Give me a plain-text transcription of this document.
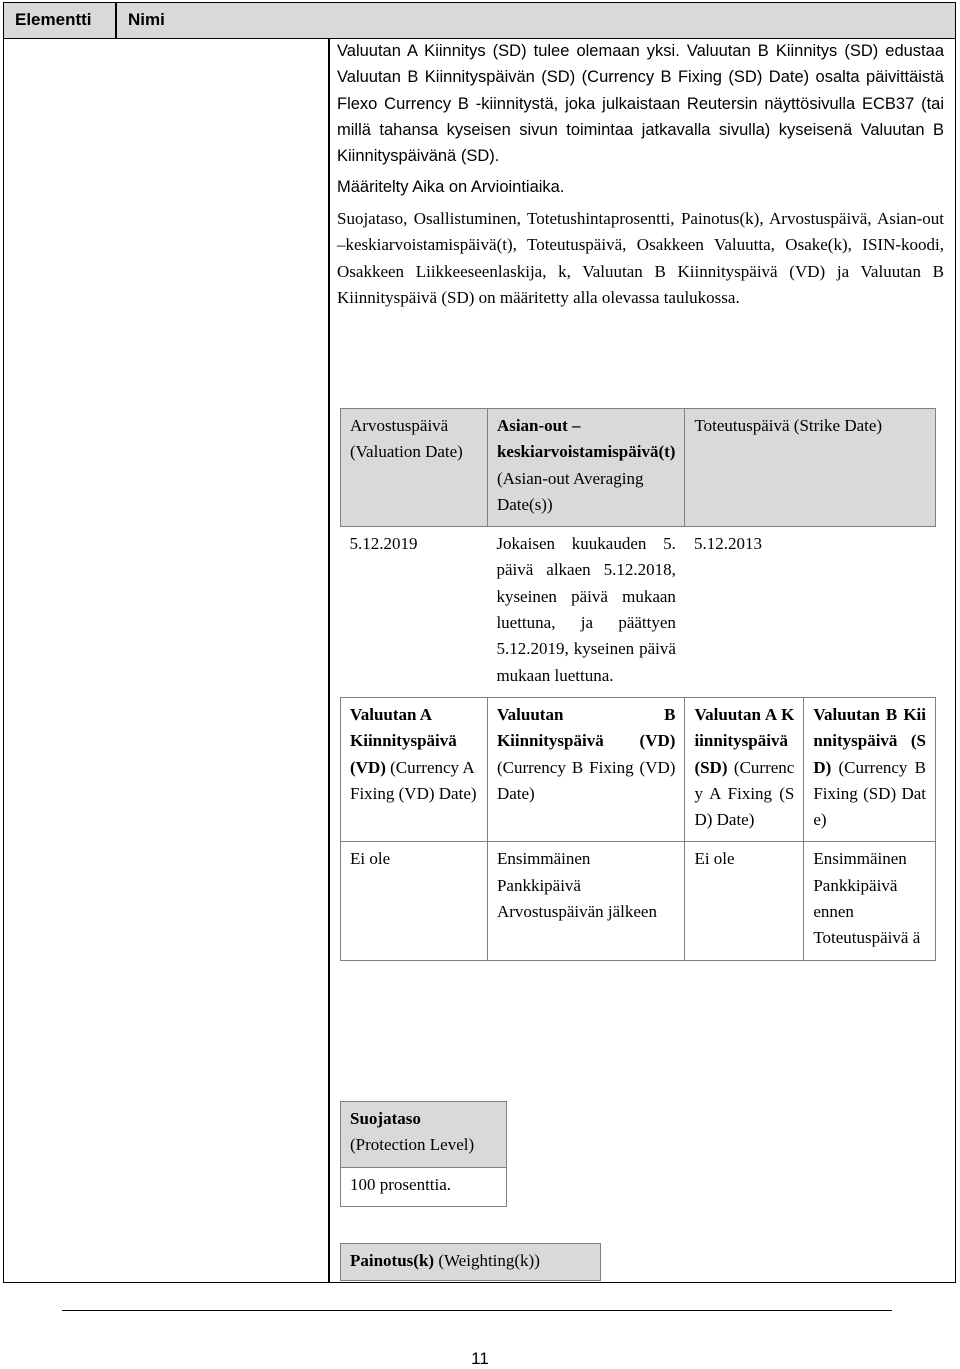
Elementti Nimi
Valuutan A Kiinnitys (SD) tulee olemaan yksi. Valuutan B Kiinnitys (SD) edustaa Valuutan B Kiinnityspäivän (SD) (Currency B Fixing (SD) Date) osalta päivittäistä Flexo Currency B -kiinnitystä, joka julkaistaan Reutersin näyttösivulla ECB37 (tai millä tahansa kyseisen sivun toimintaa jatkavalla sivulla) kyseisenä Valuutan B Kiinnityspäivänä (SD).
Määritelty Aika on Arviointiaika.
Suojataso, Osallistuminen, Totetushintaprosentti, Painotus(k), Arvostuspäivä, Asian-out –keskiarvoistamispäivä(t), Toteutuspäivä, Osakkeen Valuutta, Osake(k), ISIN-koodi, Osakkeen Liikkeeseenlaskija, k, Valuutan B Kiinnityspäivä (VD) ja Valuutan B Kiinnityspäivä (SD) on määritetty alla olevassa taulukossa.
Arvostuspäivä
(Valuation Date)	Asian-out – keskiarvoistamispäivä(t) (Asian-out Averaging Date(s))	Toteutuspäivä (Strike Date)	
5.12.2019	Jokaisen kuukauden 5. päivä alkaen 5.12.2018, kyseinen päivä mukaan luettuna, ja päättyen 5.12.2019, kyseinen päivä mukaan luettuna.	5.12.2013	
Valuutan A Kiinnityspäivä (VD) (Currency A Fixing (VD) Date)	Valuutan B Kiinnityspäivä (VD) (Currency B Fixing (VD) Date)	Valuutan A Kiinnityspäivä (SD) (Currency A Fixing (SD) Date)	Valuutan B Kiinnityspäivä (SD) (Currency B Fixing (SD) Date)
Ei ole	Ensimmäinen Pankkipäivä Arvostuspäivän jälkeen	Ei ole	Ensimmäinen Pankkipäivä ennen Toteutuspäivä ä
Suojataso
(Protection Level)
100 prosenttia.
Painotus(k) (Weighting(k))
11
